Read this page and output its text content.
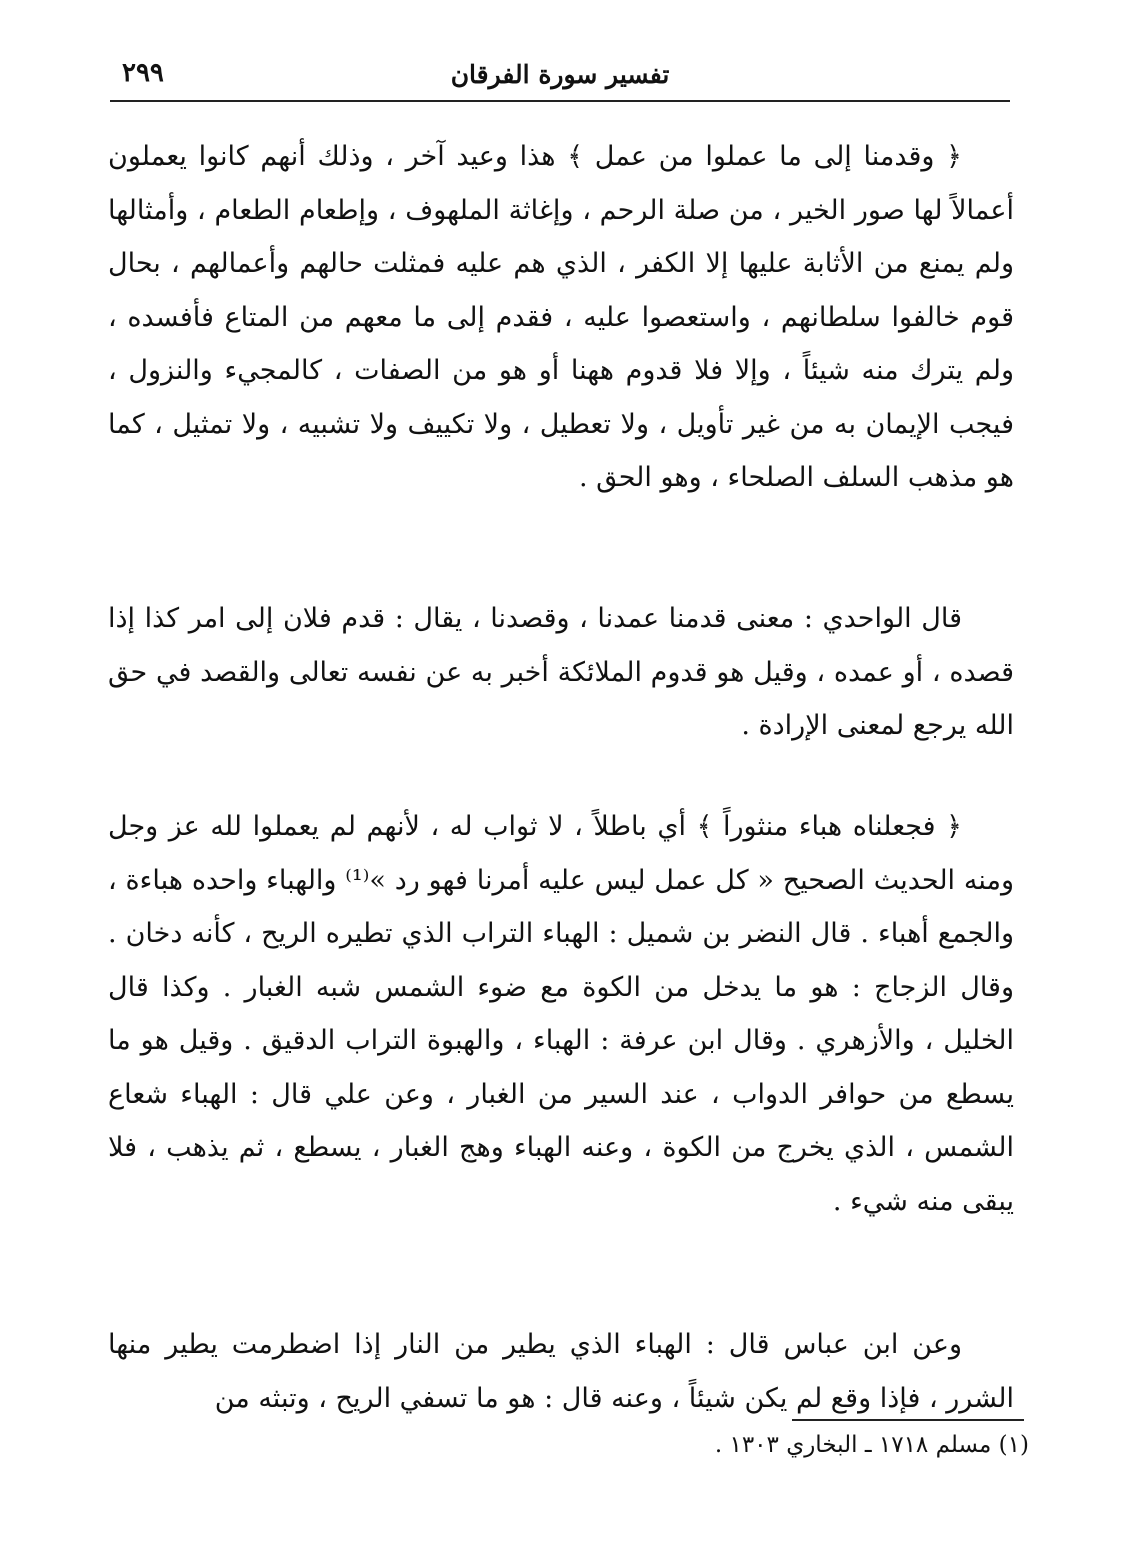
٢٩٩	تفسير سورة الفرقان

﴿ وقدمنا إلى ما عملوا من عمل ﴾ هذا وعيد آخر ، وذلك أنهم كانوا يعملون أعمالاً لها صور الخير ، من صلة الرحم ، وإغاثة الملهوف ، وإطعام الطعام ، وأمثالها ولم يمنع من الأثابة عليها إلا الكفر ، الذي هم عليه فمثلت حالهم وأعمالهم ، بحال قوم خالفوا سلطانهم ، واستعصوا عليه ، فقدم إلى ما معهم من المتاع فأفسده ، ولم يترك منه شيئاً ، وإلا فلا قدوم ههنا أو هو من الصفات ، كالمجيء والنزول ، فيجب الإيمان به من غير تأويل ، ولا تعطيل ، ولا تكييف ولا تشبيه ، ولا تمثيل ، كما هو مذهب السلف الصلحاء ، وهو الحق .

قال الواحدي : معنى قدمنا عمدنا ، وقصدنا ، يقال : قدم فلان إلى امر كذا إذا قصده ، أو عمده ، وقيل هو قدوم الملائكة أخبر به عن نفسه تعالى والقصد في حق الله يرجع لمعنى الإرادة .

﴿ فجعلناه هباء منثوراً ﴾ أي باطلاً ، لا ثواب له ، لأنهم لم يعملوا لله عز وجل ومنه الحديث الصحيح « كل عمل ليس عليه أمرنا فهو رد »⁽¹⁾ والهباء واحده هباءة ، والجمع أهباء . قال النضر بن شميل : الهباء التراب الذي تطيره الريح ، كأنه دخان . وقال الزجاج : هو ما يدخل من الكوة مع ضوء الشمس شبه الغبار . وكذا قال الخليل ، والأزهري . وقال ابن عرفة : الهباء ، والهبوة التراب الدقيق . وقيل هو ما يسطع من حوافر الدواب ، عند السير من الغبار ، وعن علي قال : الهباء شعاع الشمس ، الذي يخرج من الكوة ، وعنه الهباء وهج الغبار ، يسطع ، ثم يذهب ، فلا يبقى منه شيء .

وعن ابن عباس قال : الهباء الذي يطير من النار إذا اضطرمت يطير منها الشرر ، فإذا وقع لم يكن شيئاً ، وعنه قال : هو ما تسفي الريح ، وتبثه من

(١) مسلم ١٧١٨ ـ البخاري ١٣٠٣ .
